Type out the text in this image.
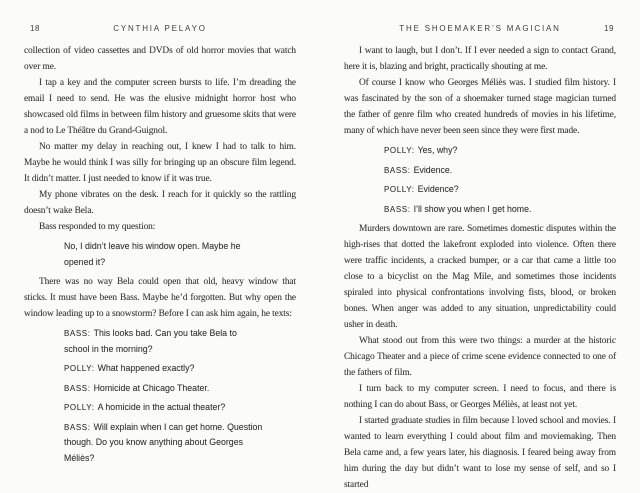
18	CYNTHIA PELAYO

collection of video cassettes and DVDs of old horror movies that watch over me.

I tap a key and the computer screen bursts to life. I’m dreading the email I need to send. He was the elusive midnight horror host who showcased old films in between film history and gruesome skits that were a nod to Le Théâtre du Grand-Guignol.

No matter my delay in reaching out, I knew I had to talk to him. Maybe he would think I was silly for bringing up an obscure film legend. It didn’t matter. I just needed to know if it was true.

My phone vibrates on the desk. I reach for it quickly so the rattling doesn’t wake Bela.

Bass responded to my question:

No, I didn’t leave his window open. Maybe he opened it?

There was no way Bela could open that old, heavy window that sticks. It must have been Bass. Maybe he’d forgotten. But why open the window leading up to a snowstorm? Before I can ask him again, he texts:

BASS: This looks bad. Can you take Bela to school in the morning?

POLLY: What happened exactly?

BASS: Homicide at Chicago Theater.

POLLY: A homicide in the actual theater?

BASS: Will explain when I can get home. Question though. Do you know anything about Georges Méliès?

THE SHOEMAKER’S MAGICIAN	19

I want to laugh, but I don’t. If I ever needed a sign to contact Grand, here it is, blazing and bright, practically shouting at me.

Of course I know who Georges Méliès was. I studied film history. I was fascinated by the son of a shoemaker turned stage magician turned the father of genre film who created hundreds of movies in his lifetime, many of which have never been seen since they were first made.

POLLY: Yes, why?

BASS: Evidence.

POLLY: Evidence?

BASS: I’ll show you when I get home.

Murders downtown are rare. Sometimes domestic disputes within the high-rises that dotted the lakefront exploded into violence. Often there were traffic incidents, a cracked bumper, or a car that came a little too close to a bicyclist on the Mag Mile, and sometimes those incidents spiraled into physical confrontations involving fists, blood, or broken bones. When anger was added to any situation, unpredictability could usher in death.

What stood out from this were two things: a murder at the historic Chicago Theater and a piece of crime scene evidence connected to one of the fathers of film.

I turn back to my computer screen. I need to focus, and there is nothing I can do about Bass, or Georges Méliès, at least not yet.

I started graduate studies in film because I loved school and movies. I wanted to learn everything I could about film and moviemaking. Then Bela came and, a few years later, his diagnosis. I feared being away from him during the day but didn’t want to lose my sense of self, and so I started
